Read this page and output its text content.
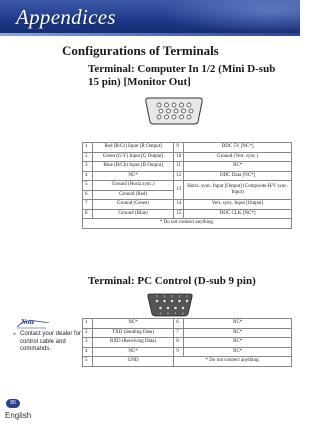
Appendices
Configurations of Terminals
Terminal: Computer In 1/2 (Mini D-sub 15 pin) [Monitor Out]
1	Red (R/Cr) Input [R Output]	9	DDC 5V [NC*]
2	Green (G/Y) Input [G Output]	10	Ground (Vert. sync.)
3	Blue (B/Cb) Input [B Output]	11	NC*
4	NC*	12	DDC Data [NC*]
5	Ground (Horiz.sync.)	13	Horiz. sync. Input [Output] (Composite H/V sync. Input)
6	Ground (Red)		
7	Ground (Green)	14	Vert. sync. Input [Output]
8	Ground (Blue)	15	DDC CLK [NC*]
* Do not connect anything.			
Terminal: PC Control (D-sub 9 pin)
5 4 3 2 1
9 8 7 6
1	NC*	6	NC*
2	TXD (Sending Data)	7	NC*
3	RXD (Receiving Data)	8	NC*
4	NC*	9	NC*
5	GND	* Do not connect anything.	
Note
» Contact your dealer for control cable and commands.
80
English
